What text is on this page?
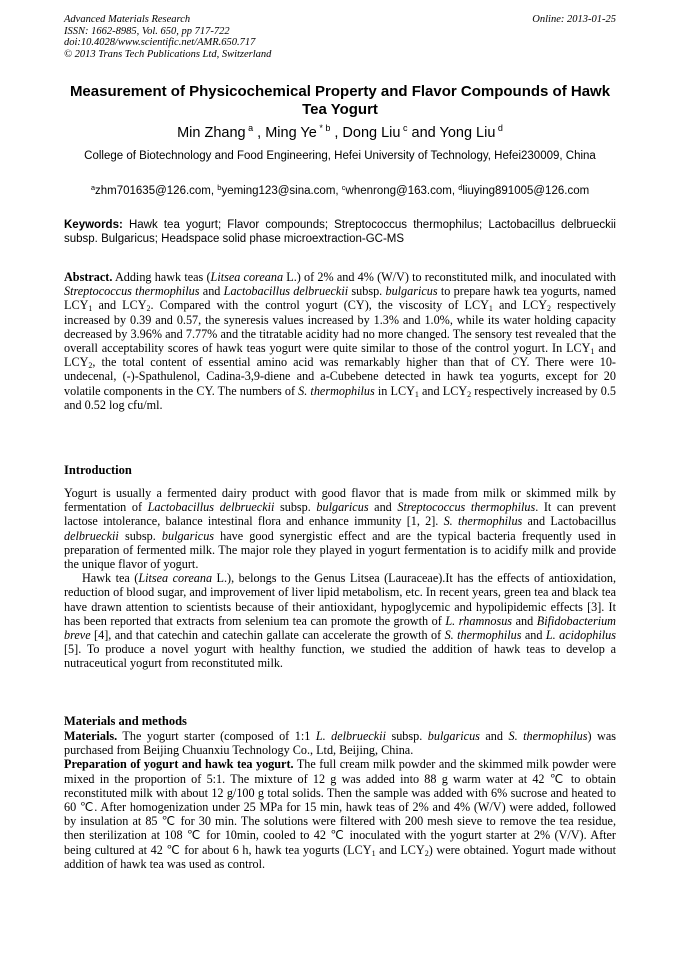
Advanced Materials Research
ISSN: 1662-8985, Vol. 650, pp 717-722
doi:10.4028/www.scientific.net/AMR.650.717
© 2013 Trans Tech Publications Ltd, Switzerland
Online: 2013-01-25
Measurement of Physicochemical Property and Flavor Compounds of Hawk Tea Yogurt
Min Zhang $^a$ , Ming Ye $^{* b}$ , Dong Liu $^c$ and Yong Liu $^d$
College of Biotechnology and Food Engineering, Hefei University of Technology, Hefei230009, China
$^a$zhm701635@126.com, $^b$yeming123@sina.com, $^c$whenrong@163.com, $^d$liuying891005@126.com
Keywords: Hawk tea yogurt; Flavor compounds; Streptococcus thermophilus; Lactobacillus delbrueckii subsp. Bulgaricus; Headspace solid phase microextraction-GC-MS
Abstract. Adding hawk teas (Litsea coreana L.) of 2% and 4% (W/V) to reconstituted milk, and inoculated with Streptococcus thermophilus and Lactobacillus delbrueckii subsp. bulgaricus to prepare hawk tea yogurts, named $LCY_1$ and $LCY_2$. Compared with the control yogurt (CY), the viscosity of $LCY_1$ and $LCY_2$ respectively increased by 0.39 and 0.57, the syneresis values increased by 1.3% and 1.0%, while its water holding capacity decreased by 3.96% and 7.77% and the titratable acidity had no more changed. The sensory test revealed that the overall acceptability scores of hawk teas yogurt were quite similar to those of the control yogurt. In $LCY_1$ and $LCY_2$, the total content of essential amino acid was remarkably higher than that of CY. There were 10-undecenal, (-)-Spathulenol, Cadina-3,9-diene and a-Cubebene detected in hawk tea yogurts, except for 20 volatile components in the CY. The numbers of S. thermophilus in $LCY_1$ and $LCY_2$ respectively increased by 0.5 and 0.52 log cfu/ml.
Introduction

Yogurt is usually a fermented dairy product with good flavor that is made from milk or skimmed milk by fermentation of Lactobacillus delbrueckii subsp. bulgaricus and Streptococcus thermophilus. It can prevent lactose intolerance, balance intestinal flora and enhance immunity [1, 2]. S. thermophilus and Lactobacillus delbrueckii subsp. bulgaricus have good synergistic effect and are the typical bacteria frequently used in preparation of fermented milk. The major role they played in yogurt fermentation is to acidify milk and provide the unique flavor of yogurt.

Hawk tea (Litsea coreana L.), belongs to the Genus Litsea (Lauraceae).It has the effects of antioxidation, reduction of blood sugar, and improvement of liver lipid metabolism, etc. In recent years, green tea and black tea have drawn attention to scientists because of their antioxidant, hypoglycemic and hypolipidemic effects [3]. It has been reported that extracts from selenium tea can promote the growth of L. rhamnosus and Bifidobacterium breve [4], and that catechin and catechin gallate can accelerate the growth of S. thermophilus and L. acidophilus [5]. To produce a novel yogurt with healthy function, we studied the addition of hawk teas to develop a nutraceutical yogurt from reconstituted milk.

Materials and methods

Materials. The yogurt starter (composed of 1:1 L. delbrueckii subsp. bulgaricus and S. thermophilus) was purchased from Beijing Chuanxiu Technology Co., Ltd, Beijing, China.

Preparation of yogurt and hawk tea yogurt. The full cream milk powder and the skimmed milk powder were mixed in the proportion of 5:1. The mixture of 12 g was added into 88 g warm water at 42 ℃ to obtain reconstituted milk with about 12 g/100 g total solids. Then the sample was added with 6% sucrose and heated to 60 ℃. After homogenization under 25 MPa for 15 min, hawk teas of 2% and 4% (W/V) were added, followed by insulation at 85 ℃ for 30 min. The solutions were filtered with 200 mesh sieve to remove the tea residue, then sterilization at 108 ℃ for 10min, cooled to 42 ℃ inoculated with the yogurt starter at 2% (V/V). After being cultured at 42 ℃ for about 6 h, hawk tea yogurts ($LCY_1$ and $LCY_2$) were obtained. Yogurt made without addition of hawk tea was used as control.
